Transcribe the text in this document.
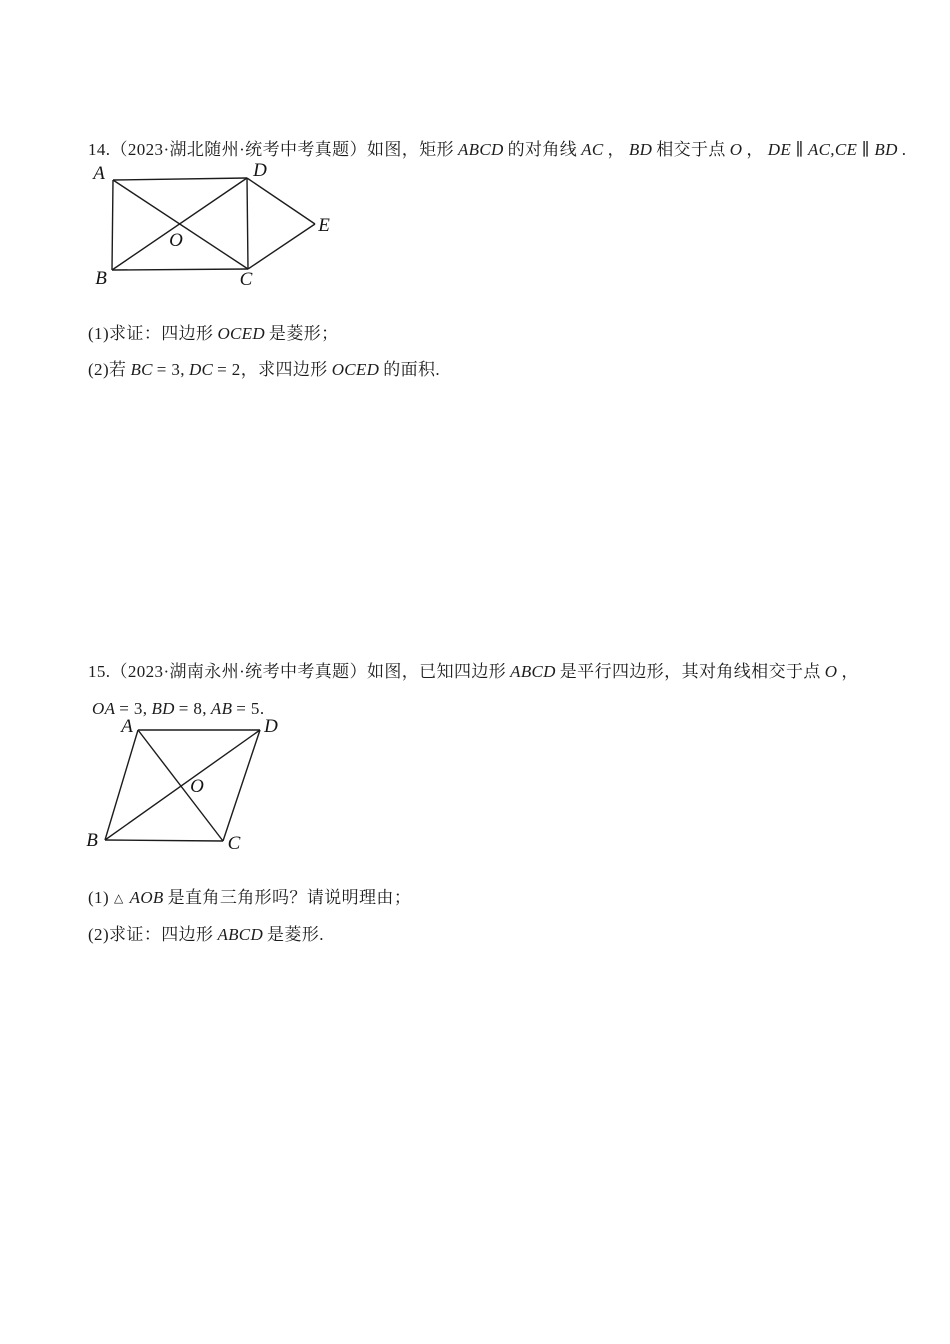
14.（2023·湖北随州·统考中考真题）如图，矩形 ABCD 的对角线 AC ， BD 相交于点 O ， DE ∥ AC,CE ∥ BD .

A	D
B	C
E
O

(1)求证：四边形 OCED 是菱形；

(2)若 BC = 3, DC = 2，求四边形 OCED 的面积.

15.（2023·湖南永州·统考中考真题）如图，已知四边形 ABCD 是平行四边形，其对角线相交于点 O ，

OA = 3, BD = 8, AB = 5.

A	D
B	C
O

(1) △ AOB 是直角三角形吗？请说明理由；

(2)求证：四边形 ABCD 是菱形.
